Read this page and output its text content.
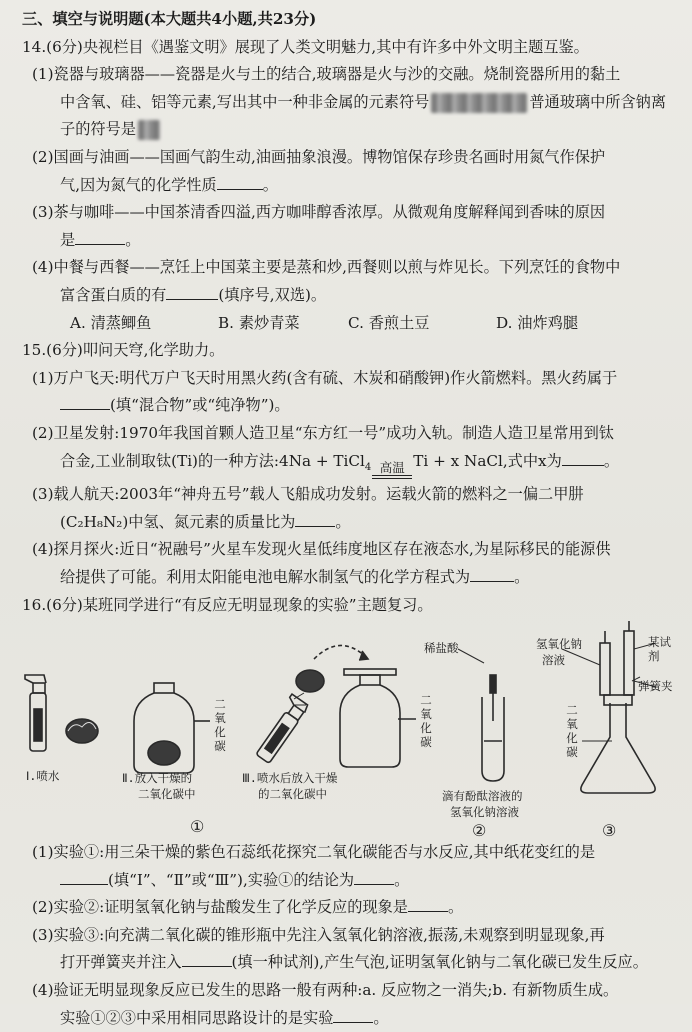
三、填空与说明题(本大题共4小题,共23分)
14.(6分)央视栏目《遇鉴文明》展现了人类文明魅力,其中有许多中外文明主题互鉴。
(1)瓷器与玻璃器——瓷器是火与土的结合,玻璃器是火与沙的交融。烧制瓷器所用的黏土
中含氧、硅、铝等元素,写出其中一种非金属的元素符号	普通玻璃中所含钠离
子的符号是
(2)国画与油画——国画气韵生动,油画抽象浪漫。博物馆保存珍贵名画时用氮气作保护
气,因为氮气的化学性质	。
(3)茶与咖啡——中国茶清香四溢,西方咖啡醇香浓厚。从微观角度解释闻到香味的原因
是	。
(4)中餐与西餐——烹饪上中国菜主要是蒸和炒,西餐则以煎与炸见长。下列烹饪的食物中
富含蛋白质的有	(填序号,双选)。
A. 清蒸鲫鱼	B. 素炒青菜	C. 香煎土豆	D. 油炸鸡腿
15.(6分)叩问天穹,化学助力。
(1)万户飞天:明代万户飞天时用黑火药(含有硫、木炭和硝酸钾)作火箭燃料。黑火药属于
(填“混合物”或“纯净物”)。
(2)卫星发射:1970年我国首颗人造卫星“东方红一号”成功入轨。制造人造卫星常用到钛
合金,工业制取钛(Ti)的一种方法:4Na + TiCl$_4$ 高温 Ti + x NaCl,式中x为	。
(3)载人航天:2003年“神舟五号”载人飞船成功发射。运载火箭的燃料之一偏二甲肼
(C₂H₈N₂)中氢、氮元素的质量比为	。
(4)探月探火:近日“祝融号”火星车发现火星低纬度地区存在液态水,为星际移民的能源供
给提供了可能。利用太阳能电池电解水制氢气的化学方程式为	。
16.(6分)某班同学进行“有反应无明显现象的实验”主题复习。
二
氧
化
碳
二
氧
化
碳
二
氧
化
碳
Ⅰ.喷水	Ⅱ.放入干燥的
二氧化碳中
Ⅲ.喷水后放入干燥
的二氧化碳中
稀盐酸
滴有酚酞溶液的
氢氧化钠溶液
氢氧化钠
溶液
某试剂
弹簧夹
①	②	③
(1)实验①:用三朵干燥的紫色石蕊纸花探究二氧化碳能否与水反应,其中纸花变红的是
(填“Ⅰ”、“Ⅱ”或“Ⅲ”),实验①的结论为	。
(2)实验②:证明氢氧化钠与盐酸发生了化学反应的现象是	。
(3)实验③:向充满二氧化碳的锥形瓶中先注入氢氧化钠溶液,振荡,未观察到明显现象,再
打开弹簧夹并注入	(填一种试剂),产生气泡,证明氢氧化钠与二氧化碳已发生反应。
(4)验证无明显现象反应已发生的思路一般有两种:a. 反应物之一消失;b. 有新物质生成。
实验①②③中采用相同思路设计的是实验	。
